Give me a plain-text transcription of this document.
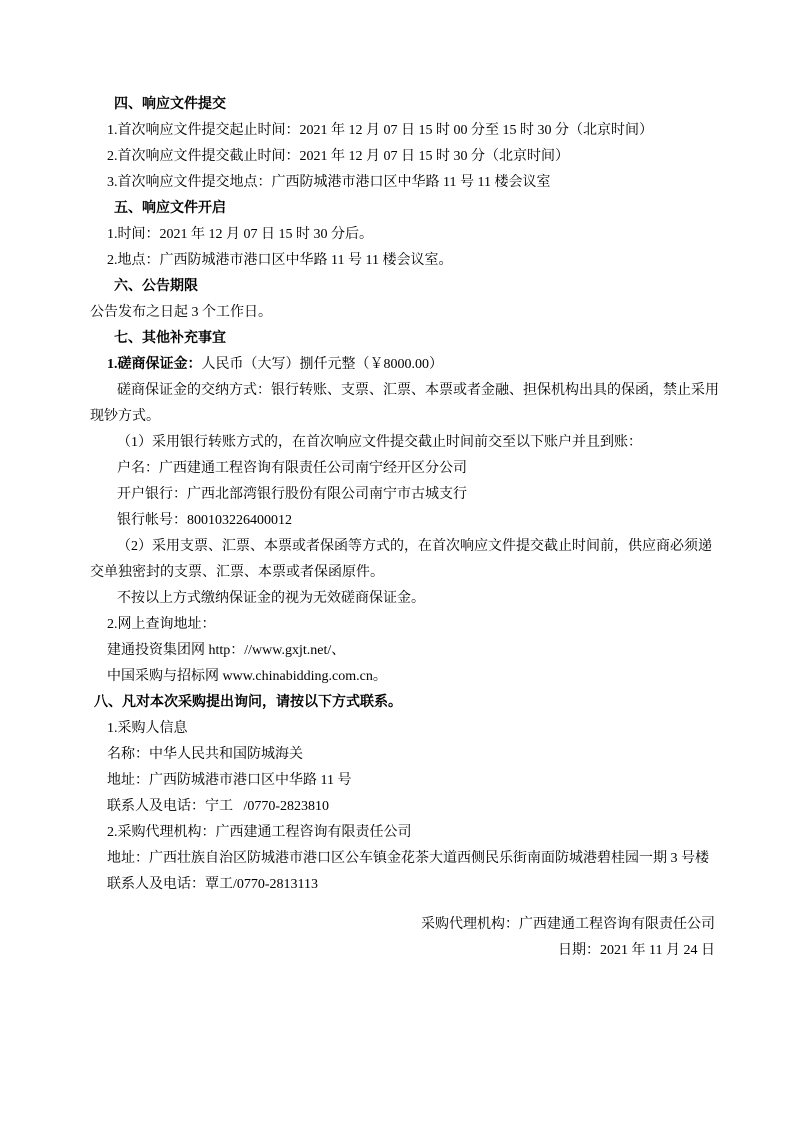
四、响应文件提交

1.首次响应文件提交起止时间：2021 年 12 月 07 日 15 时 00 分至 15 时 30 分（北京时间）

2.首次响应文件提交截止时间：2021 年 12 月 07 日 15 时 30 分（北京时间）

3.首次响应文件提交地点：广西防城港市港口区中华路 11 号 11 楼会议室

五、响应文件开启

1.时间：2021 年 12 月 07 日 15 时 30 分后。

2.地点：广西防城港市港口区中华路 11 号 11 楼会议室。

六、公告期限

公告发布之日起 3 个工作日。

七、其他补充事宜

1.磋商保证金：人民币（大写）捌仟元整（￥8000.00）

磋商保证金的交纳方式：银行转账、支票、汇票、本票或者金融、担保机构出具的保函，禁止采用

现钞方式。

（1）采用银行转账方式的，在首次响应文件提交截止时间前交至以下账户并且到账：

户名：广西建通工程咨询有限责任公司南宁经开区分公司

开户银行：广西北部湾银行股份有限公司南宁市古城支行

银行帐号：800103226400012

（2）采用支票、汇票、本票或者保函等方式的，在首次响应文件提交截止时间前，供应商必须递

交单独密封的支票、汇票、本票或者保函原件。

不按以上方式缴纳保证金的视为无效磋商保证金。

2.网上查询地址：

建通投资集团网 http：//www.gxjt.net/、

中国采购与招标网 www.chinabidding.com.cn。

八、凡对本次采购提出询问，请按以下方式联系。

1.采购人信息

名称：中华人民共和国防城海关

地址：广西防城港市港口区中华路 11 号

联系人及电话：宁工   /0770-2823810

2.采购代理机构：广西建通工程咨询有限责任公司

地址：广西壮族自治区防城港市港口区公车镇金花茶大道西侧民乐街南面防城港碧桂园一期 3 号楼

联系人及电话：覃工/0770-2813113

采购代理机构：广西建通工程咨询有限责任公司

日期：2021 年 11 月 24 日
